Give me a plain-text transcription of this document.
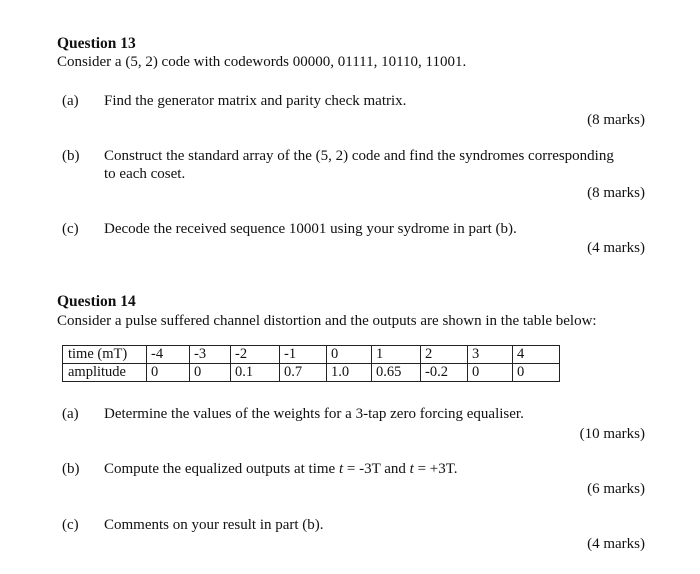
Question 13
Consider a (5, 2) code with codewords 00000, 01111, 10110, 11001.
(a) Find the generator matrix and parity check matrix.
(8 marks)
(b) Construct the standard array of the (5, 2) code and find the syndromes corresponding
to each coset.
(8 marks)
(c) Decode the received sequence 10001 using your sydrome in part (b).
(4 marks)
Question 14
Consider a pulse suffered channel distortion and the outputs are shown in the table below:
time (mT)	-4	-3	-2	-1	0	1	2	3	4
amplitude	0	0	0.1	0.7	1.0	0.65	-0.2	0	0
(a) Determine the values of the weights for a 3-tap zero forcing equaliser.
(10 marks)
(b) Compute the equalized outputs at time t = -3T and t = +3T.
(6 marks)
(c) Comments on your result in part (b).
(4 marks)
